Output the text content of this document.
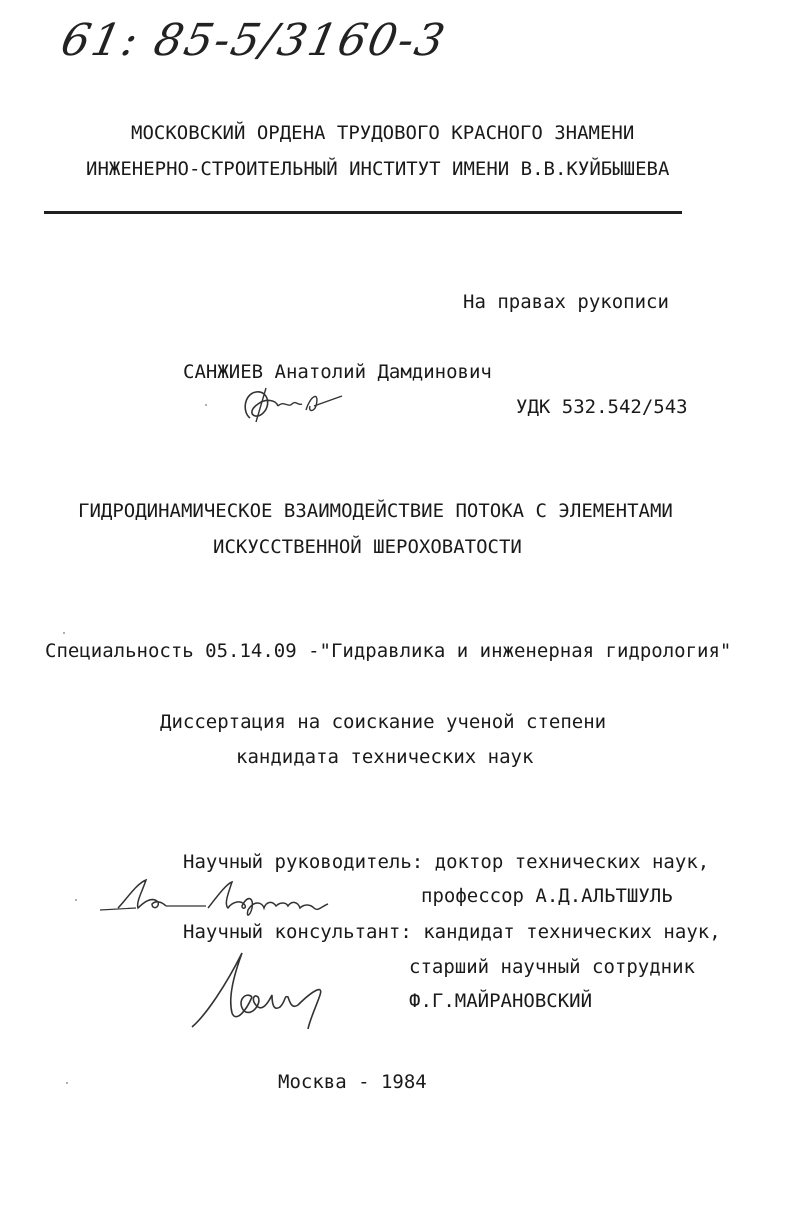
61: 85-5/3160-3
МОСКОВСКИЙ ОРДЕНА ТРУДОВОГО КРАСНОГО ЗНАМЕНИ
ИНЖЕНЕРНО-СТРОИТЕЛЬНЫЙ ИНСТИТУТ ИМЕНИ В.В.КУЙБЫШЕВА
На правах рукописи
САНЖИЕВ Анатолий Дамдинович
УДК 532.542/543
ГИДРОДИНАМИЧЕСКОЕ ВЗАИМОДЕЙСТВИЕ ПОТОКА С ЭЛЕМЕНТАМИ
ИСКУССТВЕННОЙ ШЕРОХОВАТОСТИ
Специальность 05.14.09 -"Гидравлика и инженерная гидрология"
Диссертация на соискание ученой степени
кандидата технических наук
Научный руководитель: доктор технических наук,
профессор А.Д.АЛЬТШУЛЬ
Научный консультант: кандидат технических наук,
старший научный сотрудник
Ф.Г.МАЙРАНОВСКИЙ
Москва - 1984
